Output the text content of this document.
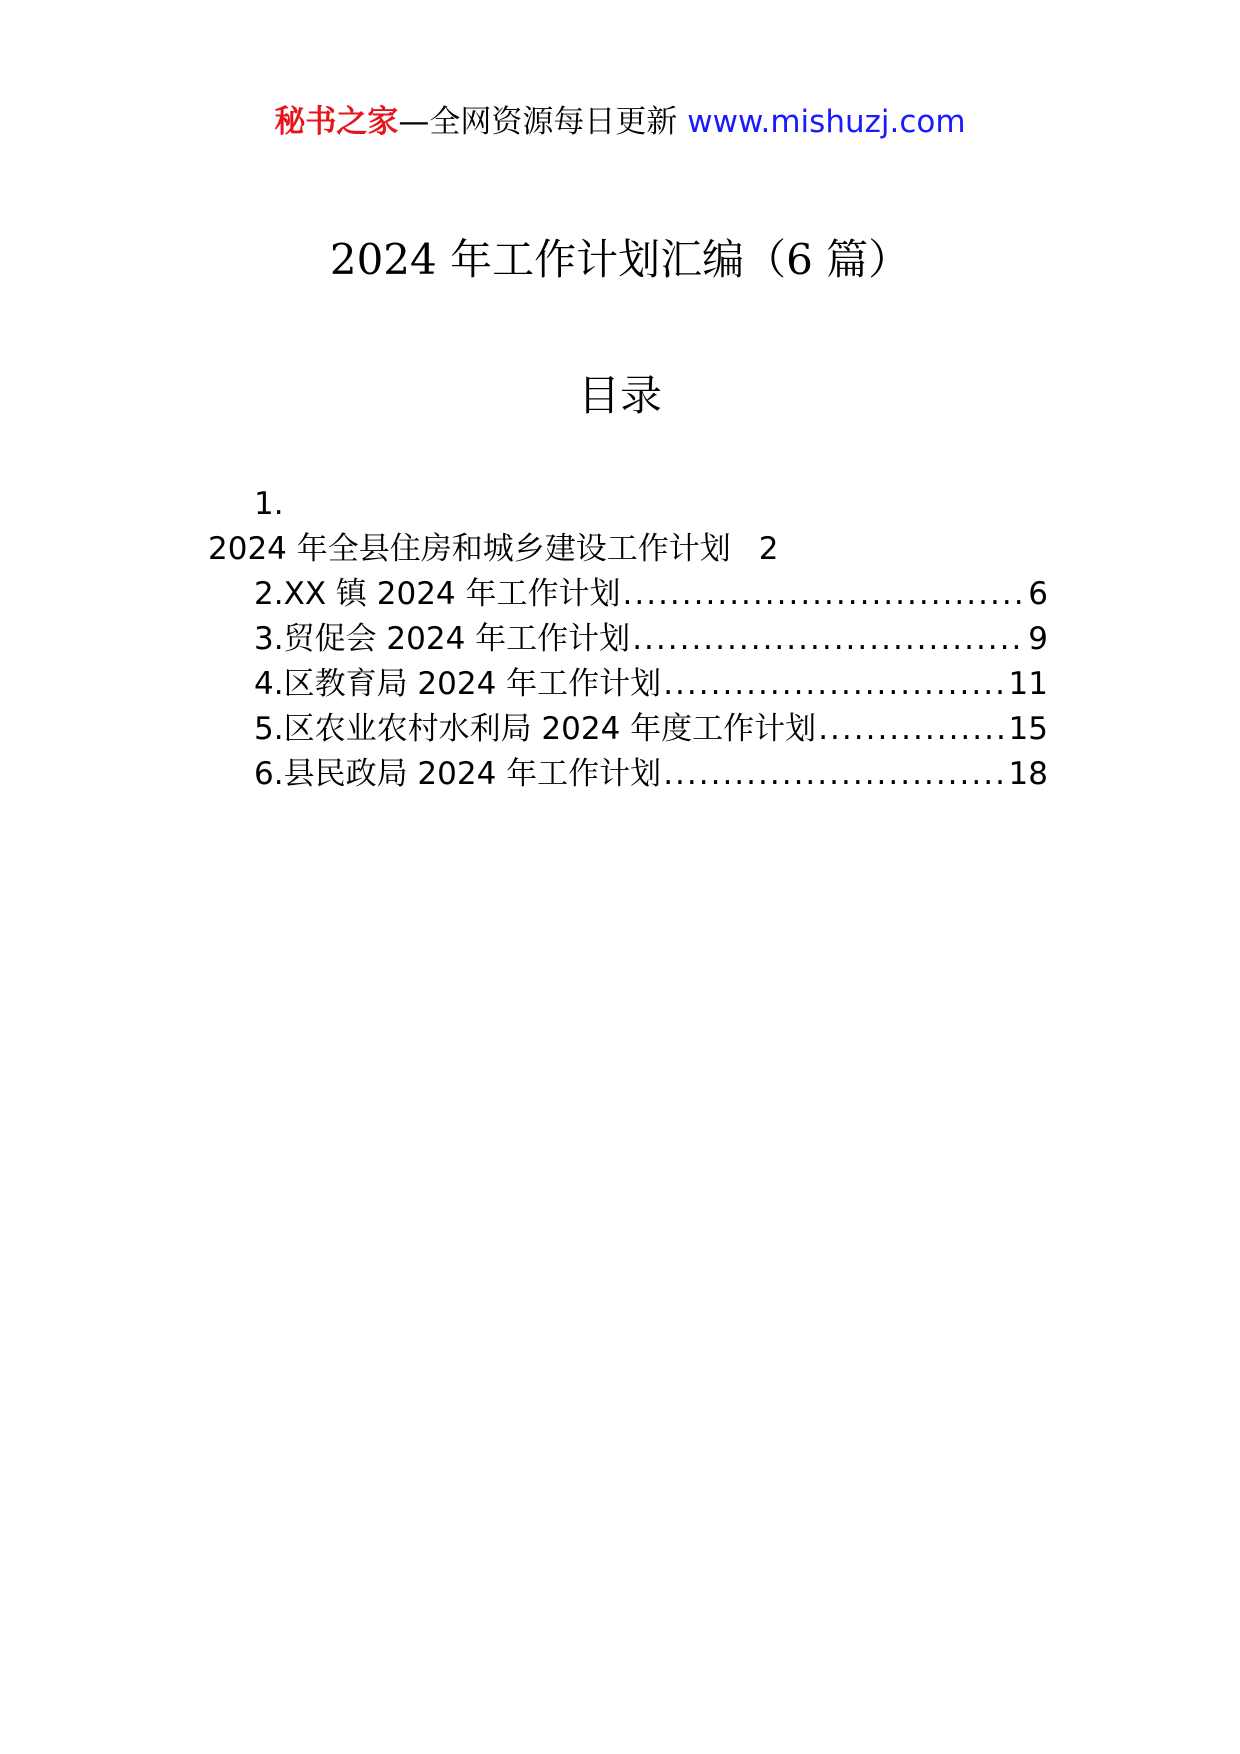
秘书之家—全网资源每日更新 www.mishuzj.com
2024 年工作计划汇编（6 篇）
目录
1.
2024 年全县住房和城乡建设工作计划 2
2.XX 镇 2024 年工作计划 .....	6
3.贸促会 2024 年工作计划 .....	9
4.区教育局 2024 年工作计划 .....	11
5.区农业农村水利局 2024 年度工作计划 .....	15
6.县民政局 2024 年工作计划 .....	18
